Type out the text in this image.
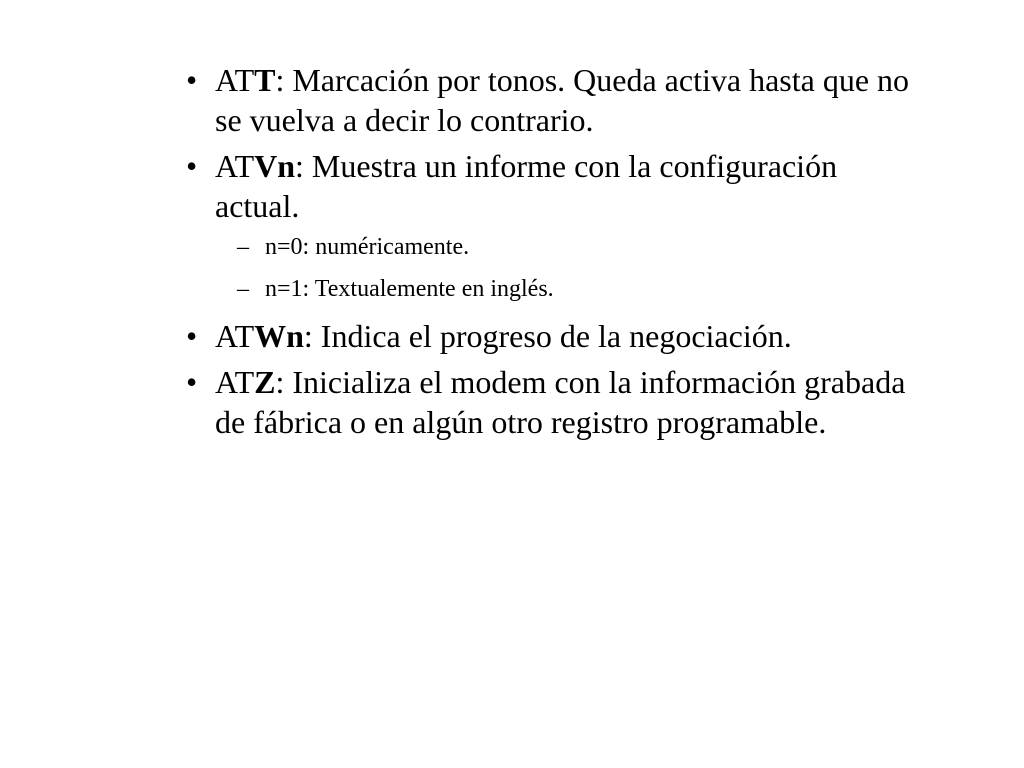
• ATT: Marcación por tonos. Queda activa hasta que no se vuelva a decir lo contrario.
• ATVn: Muestra un informe con la configuración actual.
– n=0: numéricamente.
– n=1: Textualemente en inglés.
• ATWn: Indica el progreso de la negociación.
• ATZ: Inicializa el modem con la información grabada de fábrica o en algún otro registro programable.
